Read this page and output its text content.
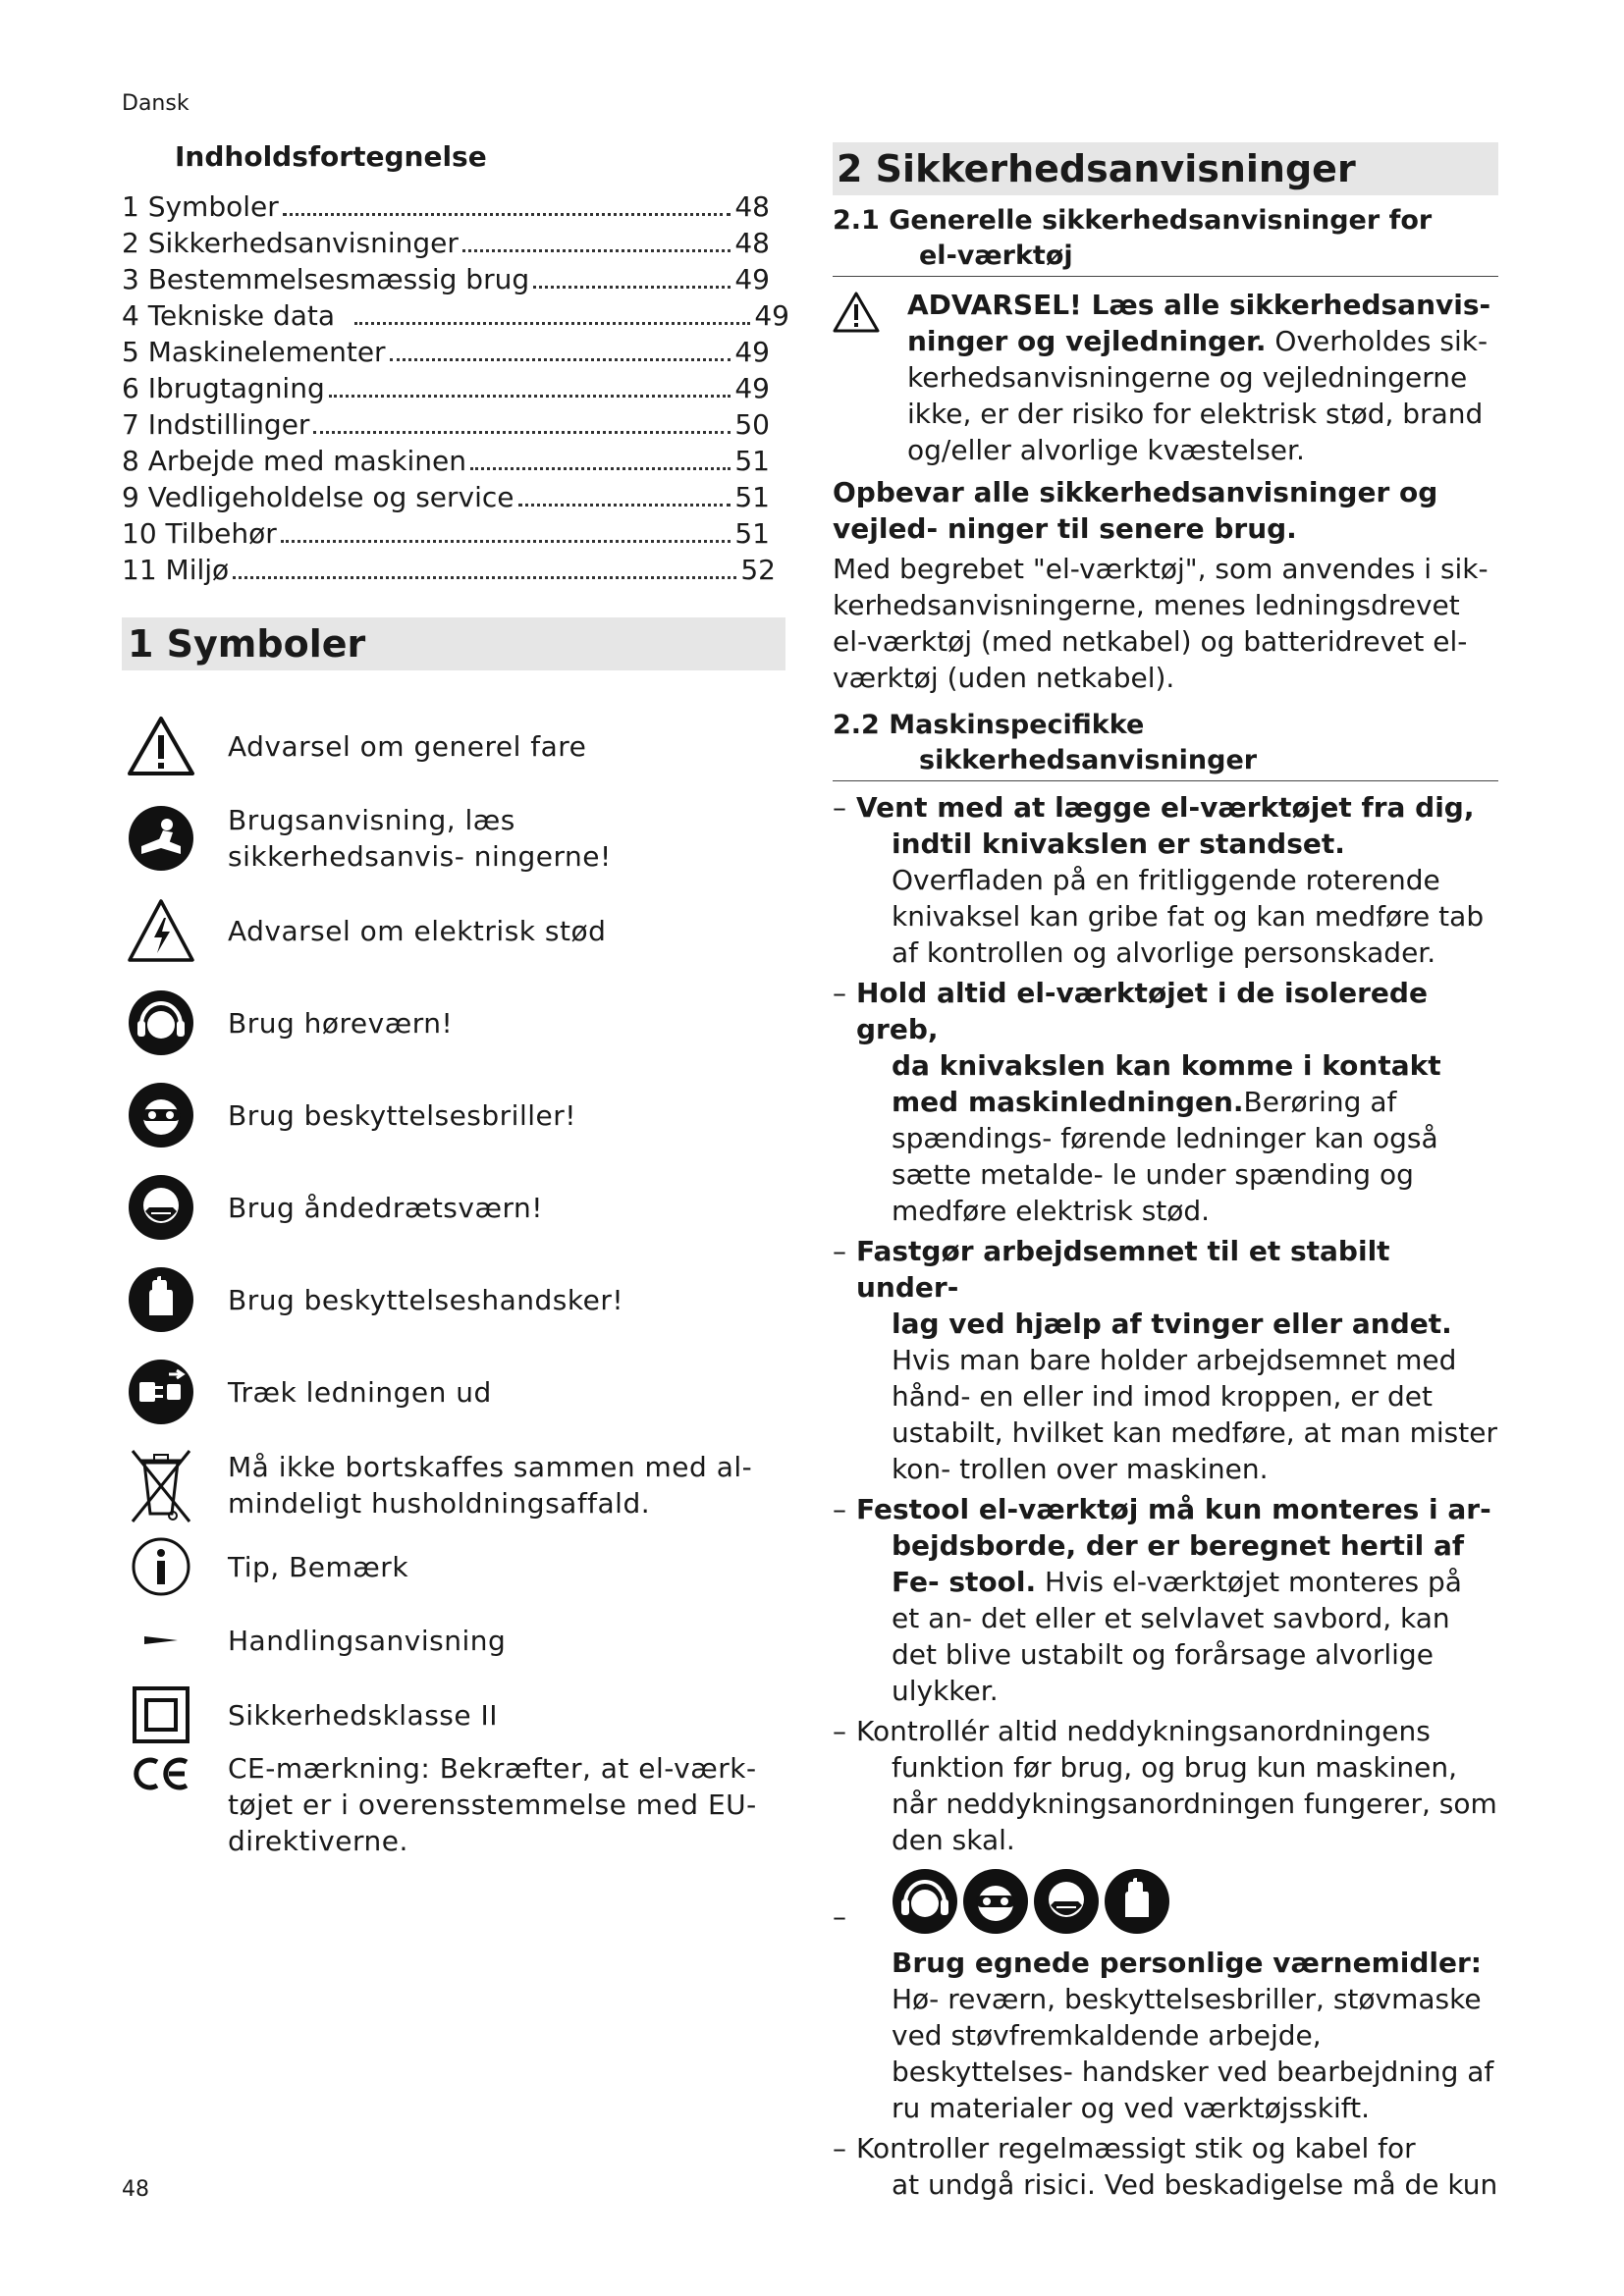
Dansk
Indholdsfortegnelse
1 Symboler	48
2 Sikkerhedsanvisninger	48
3 Bestemmelsesmæssig brug	49
4 Tekniske data	49
5 Maskinelementer	49
6 Ibrugtagning	49
7 Indstillinger	50
8 Arbejde med maskinen	51
9 Vedligeholdelse og service	51
10 Tilbehør	51
11 Miljø	52
1 Symboler
Advarsel om generel fare
Brugsanvisning, læs sikkerhedsanvis- ningerne!
Advarsel om elektrisk stød
Brug høreværn!
Brug beskyttelsesbriller!
Brug åndedrætsværn!
Brug beskyttelseshandsker!
Træk ledningen ud
Må ikke bortskaffes sammen med al- mindeligt husholdningsaffald.
Tip, Bemærk
Handlingsanvisning
Sikkerhedsklasse II
CE-mærkning: Bekræfter, at el-værk- tøjet er i overensstemmelse med EU- direktiverne.
2 Sikkerhedsanvisninger
2.1 Generelle sikkerhedsanvisninger for
el-værktøj
ADVARSEL! Læs alle sikkerhedsanvis- ninger og vejledninger. Overholdes sik- kerhedsanvisningerne og vejledningerne ikke, er der risiko for elektrisk stød, brand og/eller alvorlige kvæstelser.

Opbevar alle sikkerhedsanvisninger og vejled- ninger til senere brug.

Med begrebet "el-værktøj", som anvendes i sik- kerhedsanvisningerne, menes ledningsdrevet el-værktøj (med netkabel) og batteridrevet el- værktøj (uden netkabel).

2.2 Maskinspecifikke
sikkerhedsanvisninger
– Vent med at lægge el-værktøjet fra dig,
indtil knivakslen er standset. Overfladen på en fritliggende roterende knivaksel kan gribe fat og kan medføre tab af kontrollen og alvorlige personskader.
– Hold altid el-værktøjet i de isolerede greb,
da knivakslen kan komme i kontakt med maskinledningen.Berøring af spændings- førende ledninger kan også sætte metalde- le under spænding og medføre elektrisk stød.
– Fastgør arbejdsemnet til et stabilt under-
lag ved hjælp af tvinger eller andet. Hvis man bare holder arbejdsemnet med hånd- en eller ind imod kroppen, er det ustabilt, hvilket kan medføre, at man mister kon- trollen over maskinen.
– Festool el-værktøj må kun monteres i ar-
bejdsborde, der er beregnet hertil af Fe- stool. Hvis el-værktøjet monteres på et an- det eller et selvlavet savbord, kan det blive ustabilt og forårsage alvorlige ulykker.
– Kontrollér altid neddykningsanordningens
funktion før brug, og brug kun maskinen, når neddykningsanordningen fungerer, som den skal.
–
Brug egnede personlige værnemidler: Hø- reværn, beskyttelsesbriller, støvmaske ved støvfremkaldende arbejde, beskyttelses- handsker ved bearbejdning af ru materialer og ved værktøjsskift.
– Kontroller regelmæssigt stik og kabel for
at undgå risici. Ved beskadigelse må de kun
48
